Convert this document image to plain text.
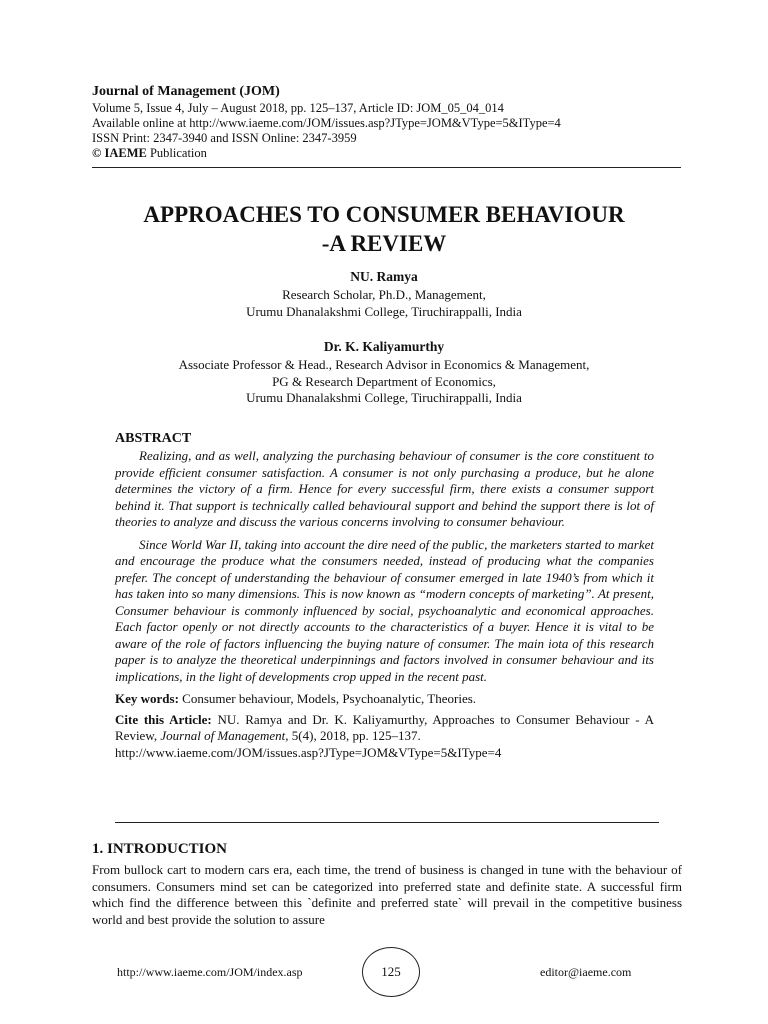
Journal of Management (JOM)
Volume 5, Issue 4, July – August 2018, pp. 125–137, Article ID: JOM_05_04_014
Available online at http://www.iaeme.com/JOM/issues.asp?JType=JOM&VType=5&IType=4
ISSN Print: 2347-3940 and ISSN Online: 2347-3959
© IAEME Publication
APPROACHES TO CONSUMER BEHAVIOUR
-A REVIEW
NU. Ramya
Research Scholar, Ph.D., Management,
Urumu Dhanalakshmi College, Tiruchirappalli, India
Dr. K. Kaliyamurthy
Associate Professor & Head., Research Advisor in Economics & Management,
PG & Research Department of Economics,
Urumu Dhanalakshmi College, Tiruchirappalli, India
ABSTRACT

Realizing, and as well, analyzing the purchasing behaviour of consumer is the core constituent to provide efficient consumer satisfaction. A consumer is not only purchasing a produce, but he alone determines the victory of a firm. Hence for every successful firm, there exists a consumer support behind it. That support is technically called behavioural support and behind the support there is lot of theories to analyze and discuss the various concerns involving to consumer behaviour.

Since World War II, taking into account the dire need of the public, the marketers started to market and encourage the produce what the consumers needed, instead of producing what the companies prefer. The concept of understanding the behaviour of consumer emerged in late 1940’s from which it has taken into so many dimensions. This is now known as “modern concepts of marketing”. At present, Consumer behaviour is commonly influenced by social, psychoanalytic and economical approaches. Each factor openly or not directly accounts to the characteristics of a buyer. Hence it is vital to be aware of the role of factors influencing the buying nature of consumer. The main iota of this research paper is to analyze the theoretical underpinnings and factors involved in consumer behaviour and its implications, in the light of developments crop upped in the recent past.

Key words: Consumer behaviour, Models, Psychoanalytic, Theories.

Cite this Article: NU. Ramya and Dr. K. Kaliyamurthy, Approaches to Consumer Behaviour - A Review, Journal of Management, 5(4), 2018, pp. 125–137.
http://www.iaeme.com/JOM/issues.asp?JType=JOM&VType=5&IType=4

1. INTRODUCTION

From bullock cart to modern cars era, each time, the trend of business is changed in tune with the behaviour of consumers. Consumers mind set can be categorized into preferred state and definite state. A successful firm which find the difference between this `definite and preferred state` will prevail in the competitive business world and best provide the solution to assure

http://www.iaeme.com/JOM/index.asp	125	editor@iaeme.com
